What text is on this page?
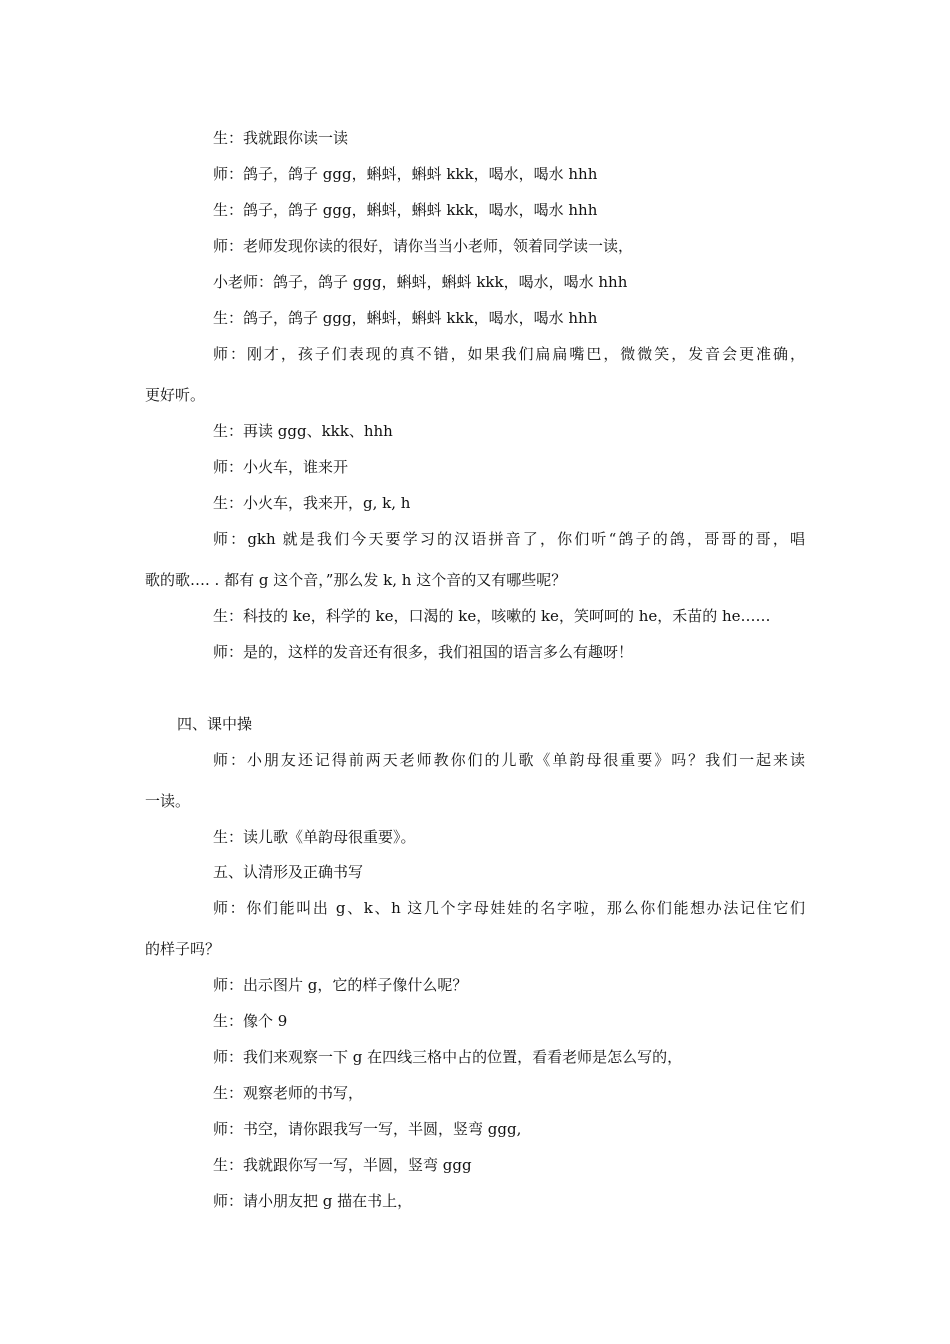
生：我就跟你读一读
师：鸽子，鸽子 ggg，蝌蚪，蝌蚪 kkk，喝水，喝水 hhh
生：鸽子，鸽子 ggg，蝌蚪，蝌蚪 kkk，喝水，喝水 hhh
师：老师发现你读的很好，请你当当小老师，领着同学读一读，
小老师：鸽子，鸽子 ggg，蝌蚪，蝌蚪 kkk，喝水，喝水 hhh
生：鸽子，鸽子 ggg，蝌蚪，蝌蚪 kkk，喝水，喝水 hhh
师：刚才，孩子们表现的真不错，如果我们扁扁嘴巴，微微笑，发音会更准确，
更好听。
生：再读 ggg、kkk、hhh
师：小火车，谁来开
生：小火车，我来开，g, k, h
师：gkh 就是我们今天要学习的汉语拼音了，你们听“鸽子的鸽，哥哥的哥，唱
歌的歌…. . 都有 g 这个音，”那么发 k, h 这个音的又有哪些呢？
生：科技的 ke，科学的 ke，口渴的 ke，咳嗽的 ke，笑呵呵的 he，禾苗的 he……
师：是的，这样的发音还有很多，我们祖国的语言多么有趣呀！
四、课中操
师：小朋友还记得前两天老师教你们的儿歌《单韵母很重要》吗？我们一起来读
一读。
生：读儿歌《单韵母很重要》。
五、认清形及正确书写
师：你们能叫出 g、k、h 这几个字母娃娃的名字啦，那么你们能想办法记住它们
的样子吗？
师：出示图片 g，它的样子像什么呢？
生：像个 9
师：我们来观察一下 g 在四线三格中占的位置，看看老师是怎么写的，
生：观察老师的书写，
师：书空，请你跟我写一写，半圆，竖弯 ggg,
生：我就跟你写一写，半圆，竖弯 ggg
师：请小朋友把 g 描在书上，
